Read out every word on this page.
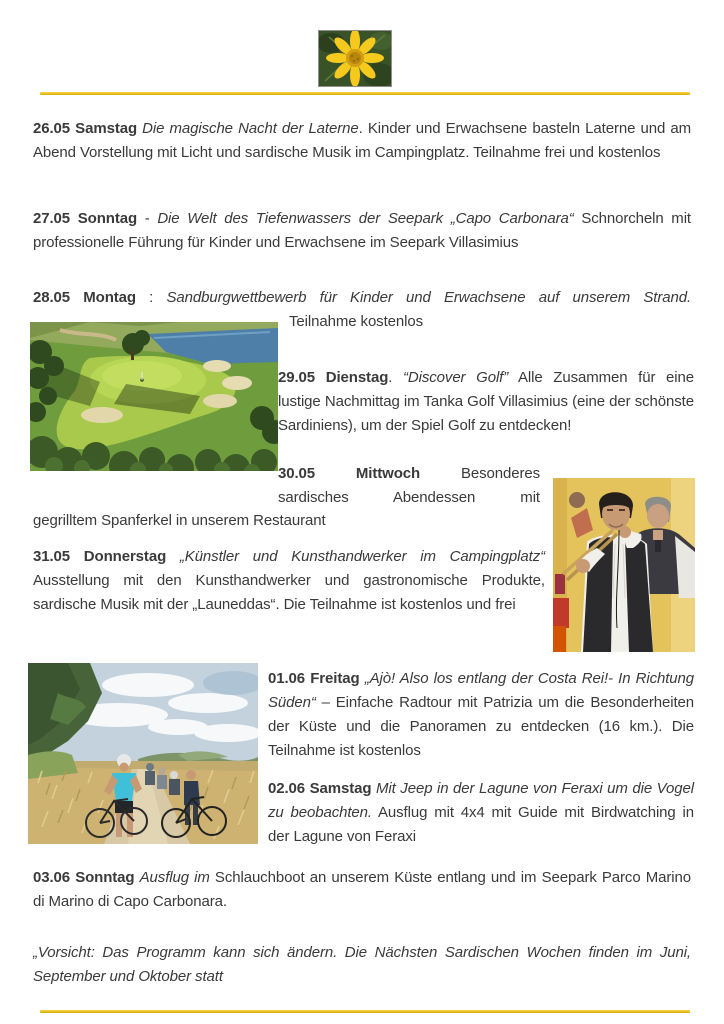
26.05 Samstag Die magische Nacht der Laterne. Kinder und Erwachsene basteln Laterne und am Abend Vorstellung mit Licht und sardische Musik im Campingplatz. Teilnahme frei und kostenlos
27.05 Sonntag - Die Welt des Tiefenwassers der Seepark „Capo Carbonara“ Schnorcheln mit professionelle Führung für Kinder und Erwachsene im Seepark Villasimius
28.05 Montag : Sandburgwettbewerb für Kinder und Erwachsene auf unserem Strand.
Teilnahme kostenlos
29.05 Dienstag. “Discover Golf” Alle Zusammen für eine lustige Nachmittag im Tanka Golf Villasimius (eine der schönste Sardiniens), um der Spiel Golf zu entdecken!
30.05 Mittwoch Besonderes sardisches Abendessen mit
gegrilltem Spanferkel in unserem Restaurant
31.05 Donnerstag „Künstler und Kunsthandwerker im Campingplatz“ Ausstellung mit den Kunsthandwerker und gastronomische Produkte, sardische Musik mit der „Launeddas“. Die Teilnahme ist kostenlos und frei
01.06 Freitag „Ajò! Also los entlang der Costa Rei!- In Richtung Süden“ – Einfache Radtour mit Patrizia um die Besonderheiten der Küste und die Panoramen zu entdecken (16 km.). Die Teilnahme ist kostenlos
02.06 Samstag Mit Jeep in der Lagune von Feraxi um die Vogel zu beobachten. Ausflug mit 4x4 mit Guide mit Birdwatching in der Lagune von Feraxi
03.06 Sonntag Ausflug im Schlauchboot an unserem Küste entlang und im Seepark Parco Marino di Marino di Capo Carbonara.
„Vorsicht: Das Programm kann sich ändern. Die Nächsten Sardischen Wochen finden im Juni, September und Oktober statt
